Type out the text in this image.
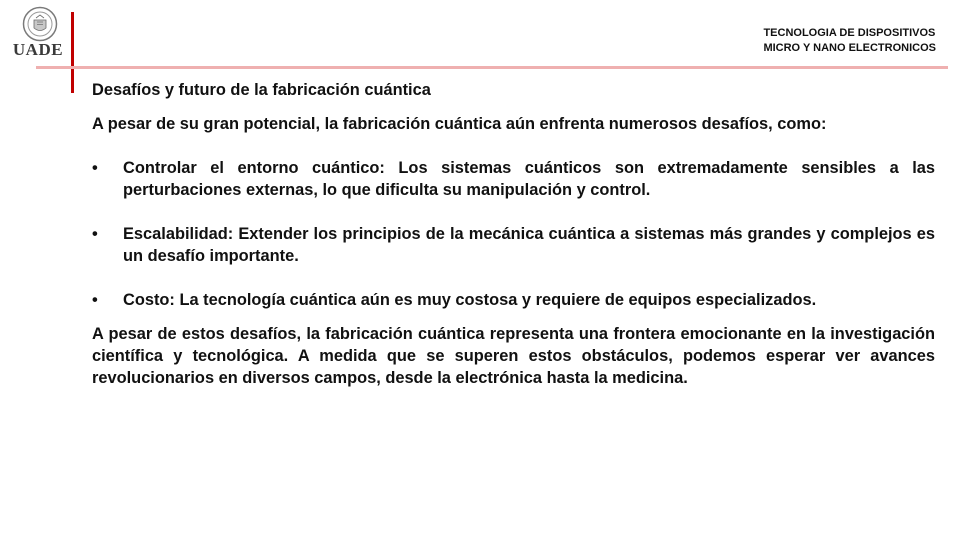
UADE
TECNOLOGIA DE DISPOSITIVOS
MICRO Y NANO ELECTRONICOS
Desafíos y futuro de la fabricación cuántica
A pesar de su gran potencial, la fabricación cuántica aún enfrenta numerosos desafíos, como:
• Controlar el entorno cuántico: Los sistemas cuánticos son extremadamente sensibles a las perturbaciones externas, lo que dificulta su manipulación y control.
• Escalabilidad: Extender los principios de la mecánica cuántica a sistemas más grandes y complejos es un desafío importante.
• Costo: La tecnología cuántica aún es muy costosa y requiere de equipos especializados.
A pesar de estos desafíos, la fabricación cuántica representa una frontera emocionante en la investigación científica y tecnológica. A medida que se superen estos obstáculos, podemos esperar ver avances revolucionarios en diversos campos, desde la electrónica hasta la medicina.
